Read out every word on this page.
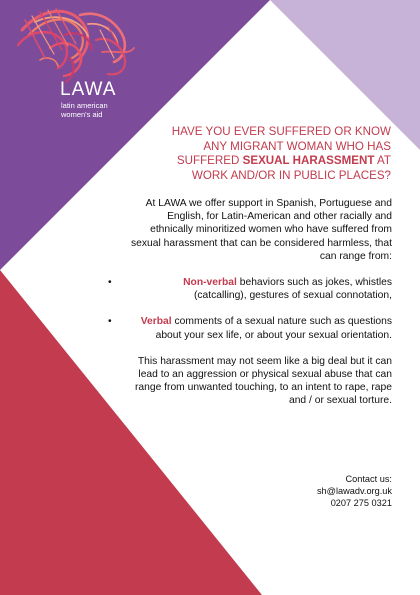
LAWA
latin american
women's aid
HAVE YOU EVER SUFFERED OR KNOW
ANY MIGRANT WOMAN WHO HAS
SUFFERED SEXUAL HARASSMENT AT
WORK AND/OR IN PUBLIC PLACES?

At LAWA we offer support in Spanish, Portuguese and English, for Latin-American and other racially and ethnically minoritized women who have suffered from sexual harassment that can be considered harmless, that can range from:

•	Non-verbal behaviors such as jokes, whistles (catcalling), gestures of sexual connotation,
•	Verbal comments of a sexual nature such as questions about your sex life, or about your sexual orientation.

This harassment may not seem like a big deal but it can lead to an aggression or physical sexual abuse that can range from unwanted touching, to an intent to rape, rape and / or sexual torture.

Contact us:
sh@lawadv.org.uk
0207 275 0321
